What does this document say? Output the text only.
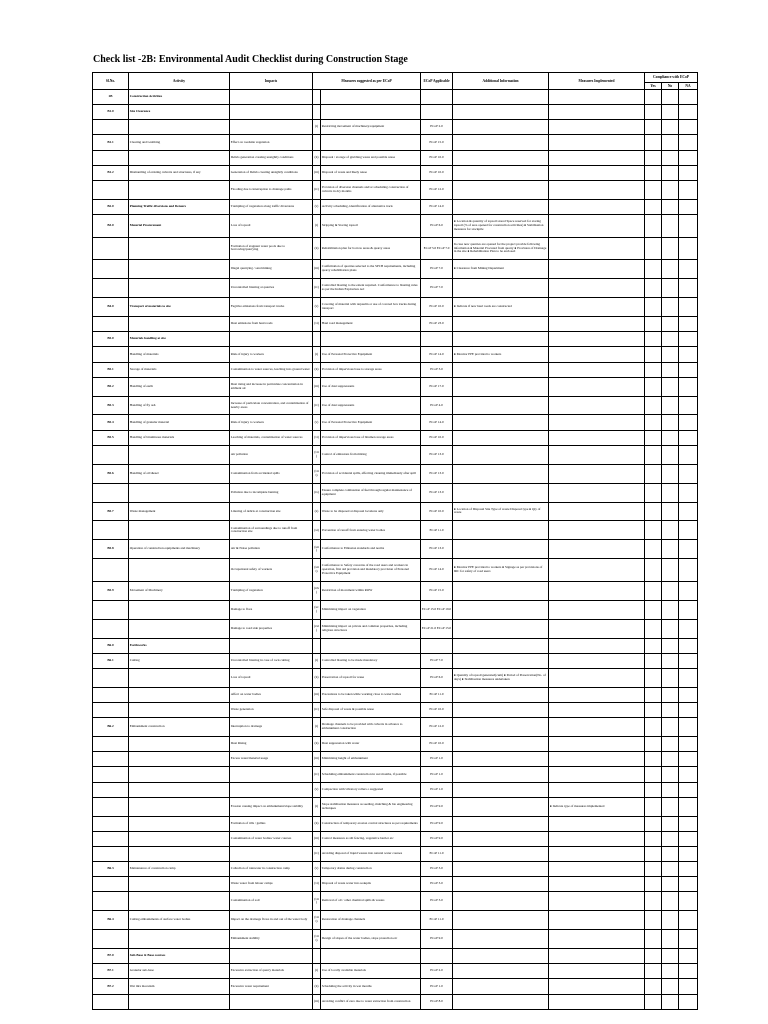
Check list -2B: Environmental Audit Checklist during Construction Stage
Sl.No.	Activity	Impacts	Measures suggested as per ECoP		ECoP Applicable	Additional Information	Measures Implemented	Compliance with ECoP		
								Yes	No	NA
2B	Construction Activities									
B1.0	Site Clearance									
			(i)	Restricting movement of machinery/equipment	ECoP 2.0					
B1.1	Clearing and Grubbing	Effect on roadside vegetation			ECoP 15.0					
		Debris generation creating unsightly conditions	(ii)	Disposal / storage of grubbing waste and possible reuse	ECoP 10.0					
B1.2	Dismantling of existing culverts and structures, if any	Generation of Debris creating unsightly conditions	(iii)	Disposal of waste and likely reuse	ECoP 10.0					
		Flooding due to interruption to drainage paths	(iv)	Provision of diversion channels and/or scheduling construction of culverts in dry months	ECoP 12.0					
B2.0	Planning Traffic diversions and Detours	Trampling of vegetation along traffic diversions	(v)	Activity scheduling, identification of alternative track	ECoP 14.0					
B3.0	Material Procurement	Loss of topsoil	(i)	Stripping & Storing topsoil	ECoP 6.0	● Location & quantity of topsoil stored Space reserved for storing topsoil (% of area opened for construction activities) ● Stabilisation measures for stockpile				
		Formation of stagnant water pools due to borrowing/quarrying	(ii)	Rehabilitation plan for borrow areas & quarry areas	ECoP 5.0 ECoP 7.0	In case new quarries are opened for the project provide following information ● Material Procured from quarry ● Provision of Drainage in the site ● Rehabilitation Plan to be enclosed				
		Illegal quarrying / sand mining	(iii)	Confirmation of quarries selected to the SPCB requirements, including quarry rehabilitation plans	ECoP 7.0	● Clearance from Mining Department				
		Uncontrolled blasting at quarries	(iv)	Controlled blasting to the extent required. Conformance to blasting rules as per the Indian Explosives Act	ECoP 7.0					
B4.0	Transport of materials to site	Fugitive emissions from transport trucks	(v)	Covering of material with tarpaulin or use of covered box trucks during transport	ECoP 10.0	● Indicate if new haul roads are constructed				
		Dust emissions from haul roads	(vi)	Haul road management	ECoP 23.0					
B5.0	Materials handling at site									
	Handling of materials	Risk of injury to workers	(i)	Use of Personal Protective Equipment	ECoP 14.0	● Monitor PPE provided to workers				
B5.1	Storage of materials	Contamination to water sources, leaching into ground water	(ii)	Provision of impervious base to storage areas	ECoP 3.0					
B5.2	Handling of earth	Dust rising and increase in particulate concentration in ambient air	(iii)	Use of dust suppressants	ECoP 17.0					
B5.3	Handling of fly ash	Increase of particulate concentration, and contamination of nearby areas	(iv)	Use of dust suppressants	ECoP 4.0					
B5.4	Handling of granular material	Risk of injury to workers	(v)	Use of Personal Protective Equipment	ECoP 14.0					
B5.5	Handling of bituminous materials	Leaching of materials, contamination of water sources	(vi)	Provision of impervious base of bitumen storage areas	ECoP 10.0					
		Air pollution	(vii)	Control of emissions from mixing	ECoP 13.0					
B5.6	Handling of oil/diesel	Contamination from accidental spills	(viii)	Provision of accidental spills, affecting cleaning immediately after spill	ECoP 13.0					
		Pollution due to incomplete burning	(ix)	Ensure complete combustion of fuel through regular maintenance of equipment	ECoP 13.0					
B5.7	Waste management	Littering of debris at construction site	(x)	Waste to be disposed at disposal locations only	ECoP 10.0	● Location of Disposal Site Type of waste Disposal type ● Qty of waste				
		Contamination of surroundings due to runoff from construction site	(xi)	Prevention of runoff from entering water bodies	ECoP 11.0					
B5.8	Operation of construction equipments and machinery	Air & Noise pollution	(xii)	Conformance to Emission standards and norms	ECoP 13.0					
		Occupational safety of workers	(xiii)	Conformance to Safety concerns of the road users and workers in operation, first aid provision and mandatory provision of Personal Protective Equipment	ECoP 14.0	● Monitor PPE provided to workers ● Signage as per provisions of IRC for safety of road users				
B5.9	Movement of Machinery	Trampling of vegetation	(xiv)	Restriction of movement within ROW	ECoP 15.0					
		Damage to flora	(xv)	Minimizing impact on vegetation	ECoP 15.0 ECoP 19.0					
		Damage to road side properties	(xvi)	Minimizing impact on private and common properties, including religious structures	ECoP 21.0 ECoP 15.0					
B6.0	Earthworks									
B6.1	Cutting	Uncontrolled blasting in case of rock cutting	(i)	Controlled blasting to be made mandatory	ECoP 7.0					
		Loss of topsoil	(ii)	Preservation of topsoil for reuse	ECoP 6.0	● Quantity of topsoil generated(cum) ● Period of Preservation(No. of days) ● Stabilisation measures undertaken				
		Affect on water bodies	(iii)	Precautions to be taken while working close to water bodies	ECoP 11.0					
		Waste generation	(iv)	Safe disposal of waste & possible reuse	ECoP 10.0					
B6.2	Embankment construction	Interruption to drainage	(i)	Drainage channels to be provided with culverts in advance to embankment construction	ECoP 12.0					
		Dust Rising	(ii)	Dust suppression with water	ECoP 10.0					
		Excess water/material usage	(iii)	Minimizing height of embankment	ECoP 1.0					
			(iv)	Scheduling embankment construction in wet months, if possible	ECoP 1.0					
			(v)	Compaction with vibratory rollers o suggested	ECoP 1.0					
		Erosion causing impact on embankment/slope stability	(i)	Slope stabilisation measures as seeding, mulching & bio engineering techniques	ECoP 9.0		● Indicate type of measures implemented			
		Formation of rills / gullies	(ii)	Construction of temporary erosion control structures as per requirements	ECoP 9.0					
		Contamination of water bodies/ water courses	(iii)	Control measures as silt fencing, vegetative barrier etc	ECoP 9.0					
			(iv)	Avoiding disposal of liquid wastes into natural water courses	ECoP 11.0					
B6.3	Maintenance of construction camp	Collection of rainwater in construction camp	(v)	Temporary drains during construction	ECoP 3.0					
		Waste water from labour camps	(vi)	Disposal of waste water into soakpits	ECoP 3.0					
		Contamination of soil	(vii)	Removal of oil / other chemical spills & wastes	ECoP 3.0					
B6.4	Cutting embankments of surface water bodies	Impact on the drainage flows in and out of the water body	(viii)	Restoration of drainage channels	ECoP 11.0					
		Embankment stability	(viii)	Design of slopes of the water bodies, slope protection etc	ECoP 9.0					
B7.0	Sub-Base & Base courses									
B7.1	Granular sub-base	Excessive extraction of quarry materials	(i)	Use of locally available materials	ECoP 2.0					
B7.2	Wet mix macadam	Excessive water requirement	(ii)	Scheduling the activity in wet months	ECoP 1.0					
			(iii)	Avoiding conflict of zero due to water extraction from construction	ECoP 8.0					
